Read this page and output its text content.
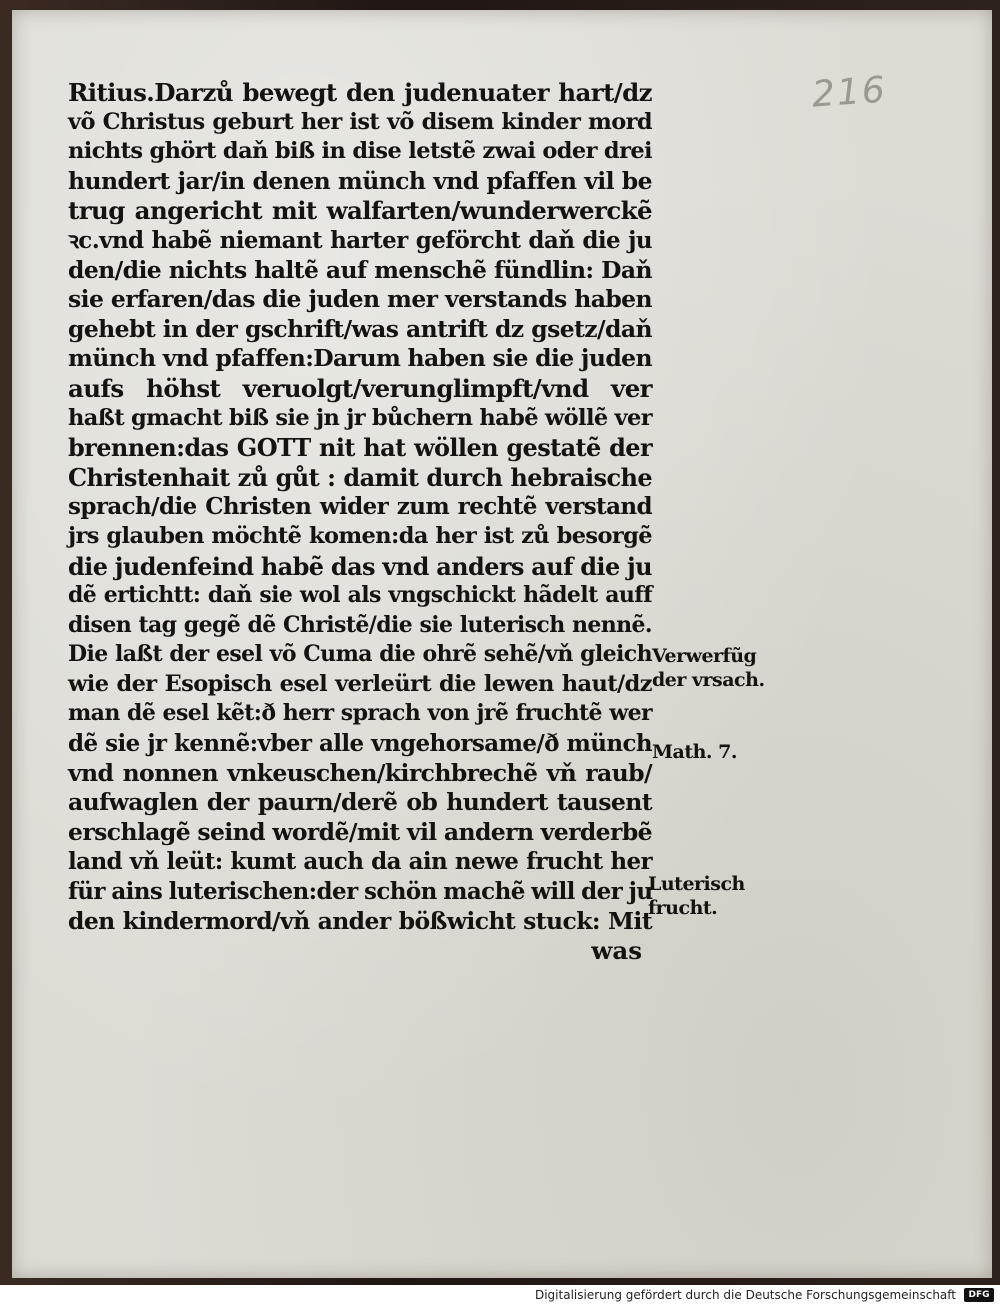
216
Ritius.Darzů bewegt den judenuater hart/dz
võ Christus geburt her ist võ disem kinder mord
nichts ghört daň biß in dise letstẽ zwai oder drei
hundert jar/in denen münch vnd pfaffen vil be
trug angericht mit walfarten/wunderwerckẽ
ꝛc.vnd habẽ niemant harter geförcht daň die ju
den/die nichts haltẽ auf menschẽ fündlin: Daň
sie erfaren/das die juden mer verstands haben
gehebt in der gschrift/was antrift dz gsetz/daň
münch vnd pfaffen:Darum haben sie die juden
aufs höhst veruolgt/verunglimpft/vnd ver
haßt gmacht biß sie jn jr bůchern habẽ wöllẽ ver
brennen:das GOTT nit hat wöllen gestatẽ der
Christenhait zů gůt : damit durch hebraische
sprach/die Christen wider zum rechtẽ verstand
jrs glauben möchtẽ komen:da her ist zů besorgẽ
die judenfeind habẽ das vnd anders auf die ju
dẽ ertichtt: daň sie wol als vngschickt hãdelt auff
disen tag gegẽ dẽ Christẽ/die sie luterisch nennẽ.
Die laßt der esel võ Cuma die ohrẽ sehẽ/vň gleich
wie der Esopisch esel verleürt die lewen haut/dz
man dẽ esel kẽt:ð herr sprach von jrẽ fruchtẽ wer
dẽ sie jr kennẽ:vber alle vngehorsame/ð münch
vnd nonnen vnkeuschen/kirchbrechẽ vň raub/
aufwaglen der paurn/derẽ ob hundert tausent
erschlagẽ seind wordẽ/mit vil andern verderbẽ
land vň leüt: kumt auch da ain newe frucht her
für ains luterischen:der schön machẽ will der ju
den kindermord/vň ander bößwicht stuck: Mit
was
Verwerfũg
der vrsach.
Math. 7.
Luterisch
frucht.
Digitalisierung gefördert durch die Deutsche Forschungsgemeinschaft	DFG
